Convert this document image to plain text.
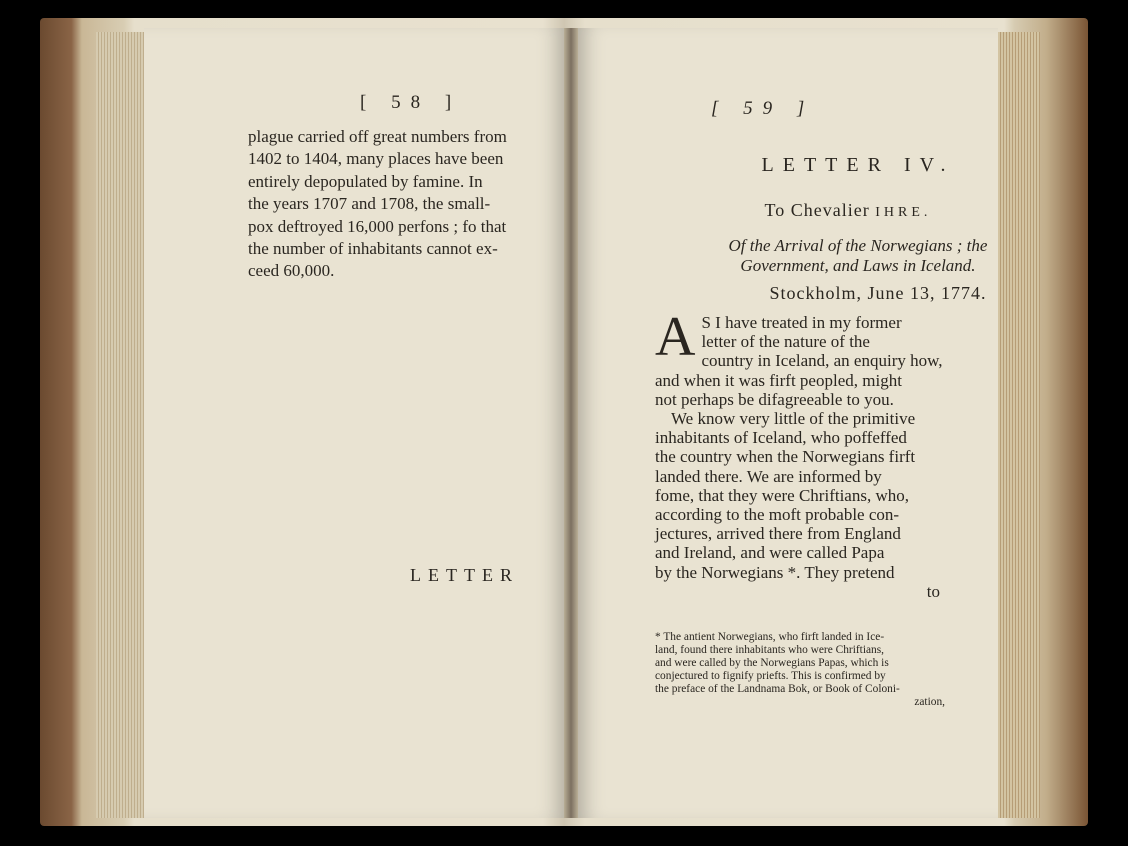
[ 58 ]
plague carried off great numbers from
1402 to 1404, many places have been
entirely depopulated by famine. In
the years 1707 and 1708, the small-
pox deftroyed 16,000 perfons ; fo that
the number of inhabitants cannot ex-
ceed 60,000.
LETTER
[ 59 ]
LETTER IV.
To Chevalier IHRE.
Of the Arrival of the Norwegians ; the
Government, and Laws in Iceland.
Stockholm, June 13, 1774.
A S I have treated in my former
letter of the nature of the
country in Iceland, an enquiry how,
and when it was firft peopled, might
not perhaps be difagreeable to you.
We know very little of the primitive
inhabitants of Iceland, who poffeffed
the country when the Norwegians firft
landed there. We are informed by
fome, that they were Chriftians, who,
according to the moft probable con-
jectures, arrived there from England
and Ireland, and were called Papa
by the Norwegians *. They pretend
to
* The antient Norwegians, who firft landed in Ice-
land, found there inhabitants who were Chriftians,
and were called by the Norwegians Papas, which is
conjectured to fignify priefts. This is confirmed by
the preface of the Landnama Bok, or Book of Coloni-
zation,
